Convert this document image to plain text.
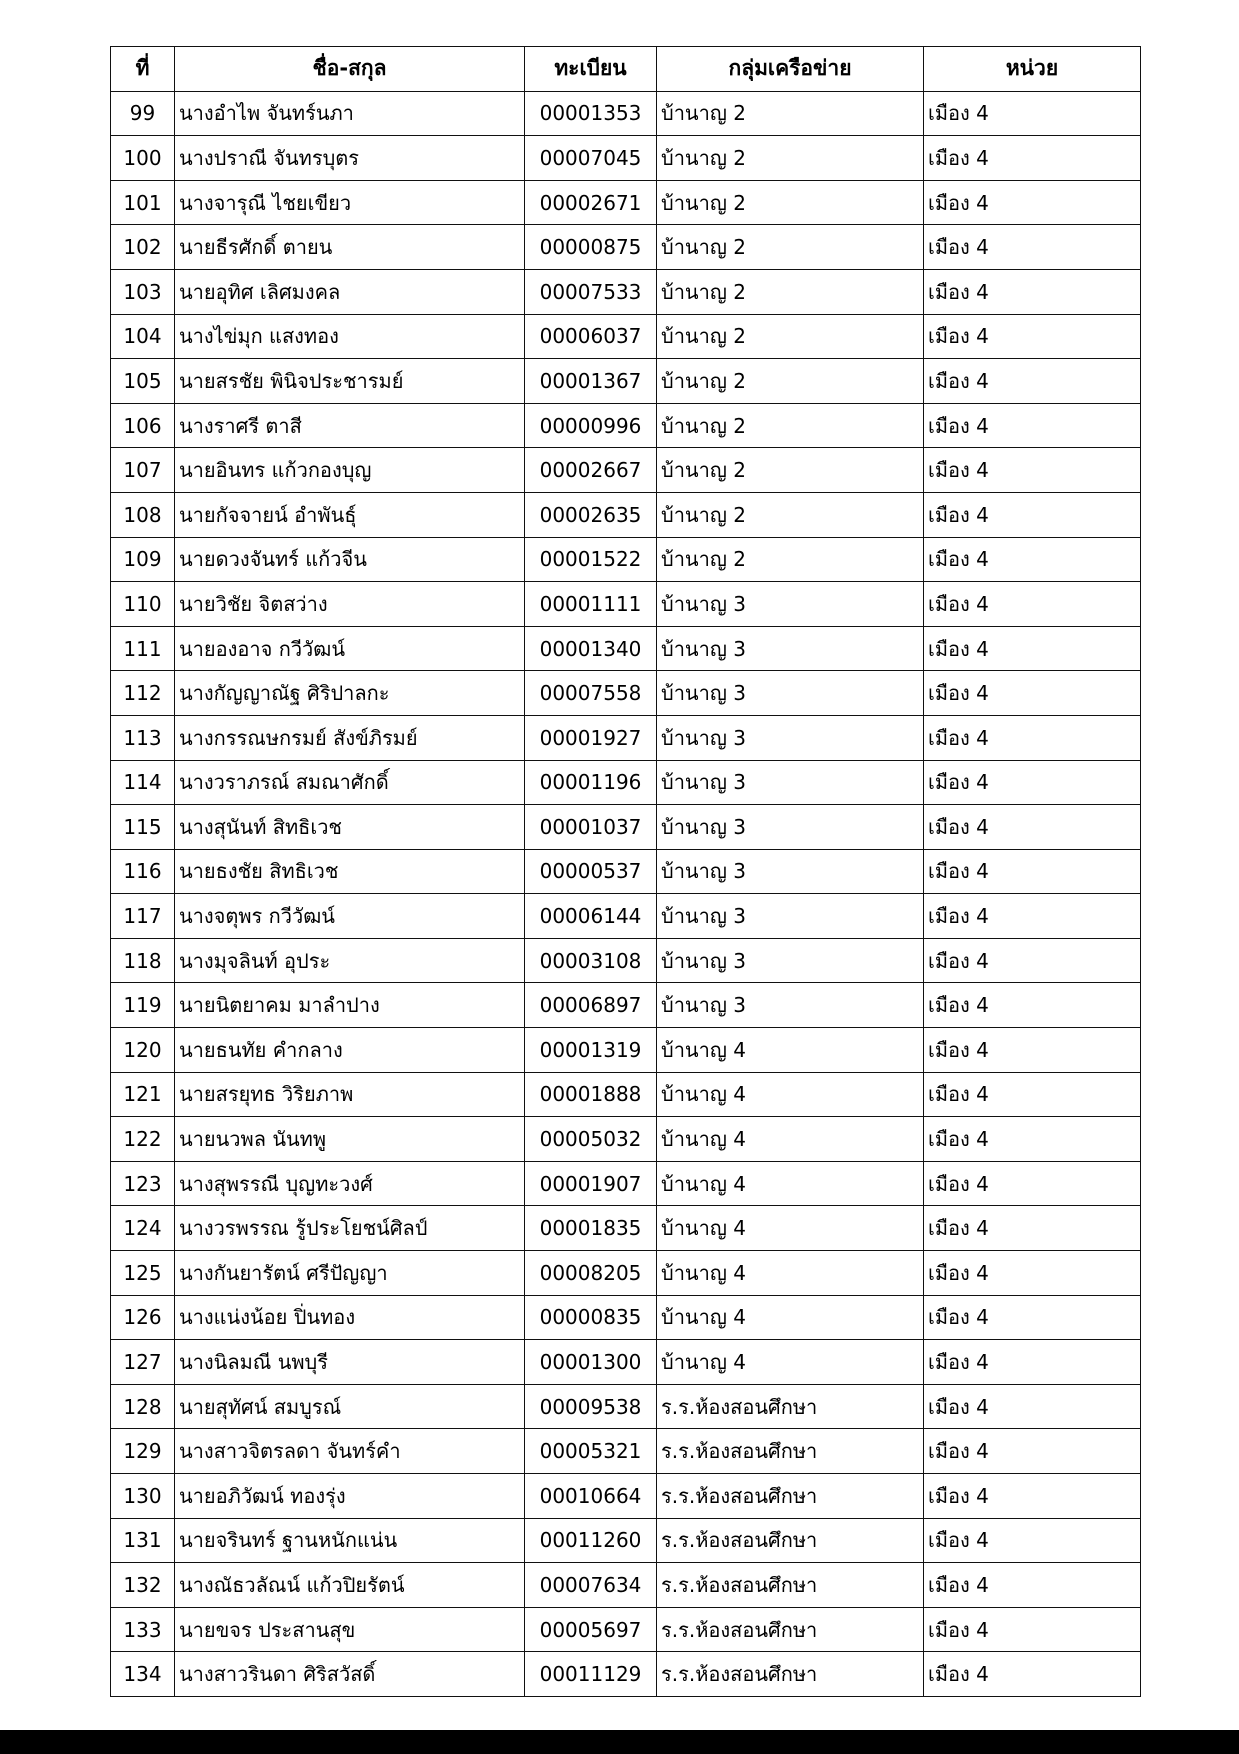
ที่	ชื่อ-สกุล	ทะเบียน	กลุ่มเครือข่าย	หน่วย
99	นางอำไพ จันทร์นภา	00001353	บ้านาญ 2	เมือง 4
100	นางปราณี จันทรบุตร	00007045	บ้านาญ 2	เมือง 4
101	นางจารุณี ไชยเขียว	00002671	บ้านาญ 2	เมือง 4
102	นายธีรศักดิ์ ตายน	00000875	บ้านาญ 2	เมือง 4
103	นายอุทิศ เลิศมงคล	00007533	บ้านาญ 2	เมือง 4
104	นางไข่มุก แสงทอง	00006037	บ้านาญ 2	เมือง 4
105	นายสรชัย พินิจประชารมย์	00001367	บ้านาญ 2	เมือง 4
106	นางราศรี ตาสี	00000996	บ้านาญ 2	เมือง 4
107	นายอินทร แก้วกองบุญ	00002667	บ้านาญ 2	เมือง 4
108	นายกัจจายน์ อำพันธุ์	00002635	บ้านาญ 2	เมือง 4
109	นายดวงจันทร์ แก้วจีน	00001522	บ้านาญ 2	เมือง 4
110	นายวิชัย จิตสว่าง	00001111	บ้านาญ 3	เมือง 4
111	นายองอาจ กวีวัฒน์	00001340	บ้านาญ 3	เมือง 4
112	นางกัญญาณัฐ ศิริปาลกะ	00007558	บ้านาญ 3	เมือง 4
113	นางกรรณษกรมย์ สังข์ภิรมย์	00001927	บ้านาญ 3	เมือง 4
114	นางวราภรณ์ สมณาศักดิ์	00001196	บ้านาญ 3	เมือง 4
115	นางสุนันท์ สิทธิเวช	00001037	บ้านาญ 3	เมือง 4
116	นายธงชัย สิทธิเวช	00000537	บ้านาญ 3	เมือง 4
117	นางจตุพร กวีวัฒน์	00006144	บ้านาญ 3	เมือง 4
118	นางมุจลินท์ อุประ	00003108	บ้านาญ 3	เมือง 4
119	นายนิตยาคม มาลำปาง	00006897	บ้านาญ 3	เมือง 4
120	นายธนทัย คำกลาง	00001319	บ้านาญ 4	เมือง 4
121	นายสรยุทธ วิริยภาพ	00001888	บ้านาญ 4	เมือง 4
122	นายนวพล นันทพู	00005032	บ้านาญ 4	เมือง 4
123	นางสุพรรณี บุญทะวงศ์	00001907	บ้านาญ 4	เมือง 4
124	นางวรพรรณ รู้ประโยชน์ศิลป์	00001835	บ้านาญ 4	เมือง 4
125	นางกันยารัตน์ ศรีปัญญา	00008205	บ้านาญ 4	เมือง 4
126	นางแน่งน้อย ปิ่นทอง	00000835	บ้านาญ 4	เมือง 4
127	นางนิลมณี นพบุรี	00001300	บ้านาญ 4	เมือง 4
128	นายสุทัศน์ สมบูรณ์	00009538	ร.ร.ห้องสอนศึกษา	เมือง 4
129	นางสาวจิตรลดา จันทร์คำ	00005321	ร.ร.ห้องสอนศึกษา	เมือง 4
130	นายอภิวัฒน์ ทองรุ่ง	00010664	ร.ร.ห้องสอนศึกษา	เมือง 4
131	นายจรินทร์ ฐานหนักแน่น	00011260	ร.ร.ห้องสอนศึกษา	เมือง 4
132	นางณัธวลัณน์ แก้วปิยรัตน์	00007634	ร.ร.ห้องสอนศึกษา	เมือง 4
133	นายขจร ประสานสุข	00005697	ร.ร.ห้องสอนศึกษา	เมือง 4
134	นางสาวรินดา ศิริสวัสดิ์	00011129	ร.ร.ห้องสอนศึกษา	เมือง 4
